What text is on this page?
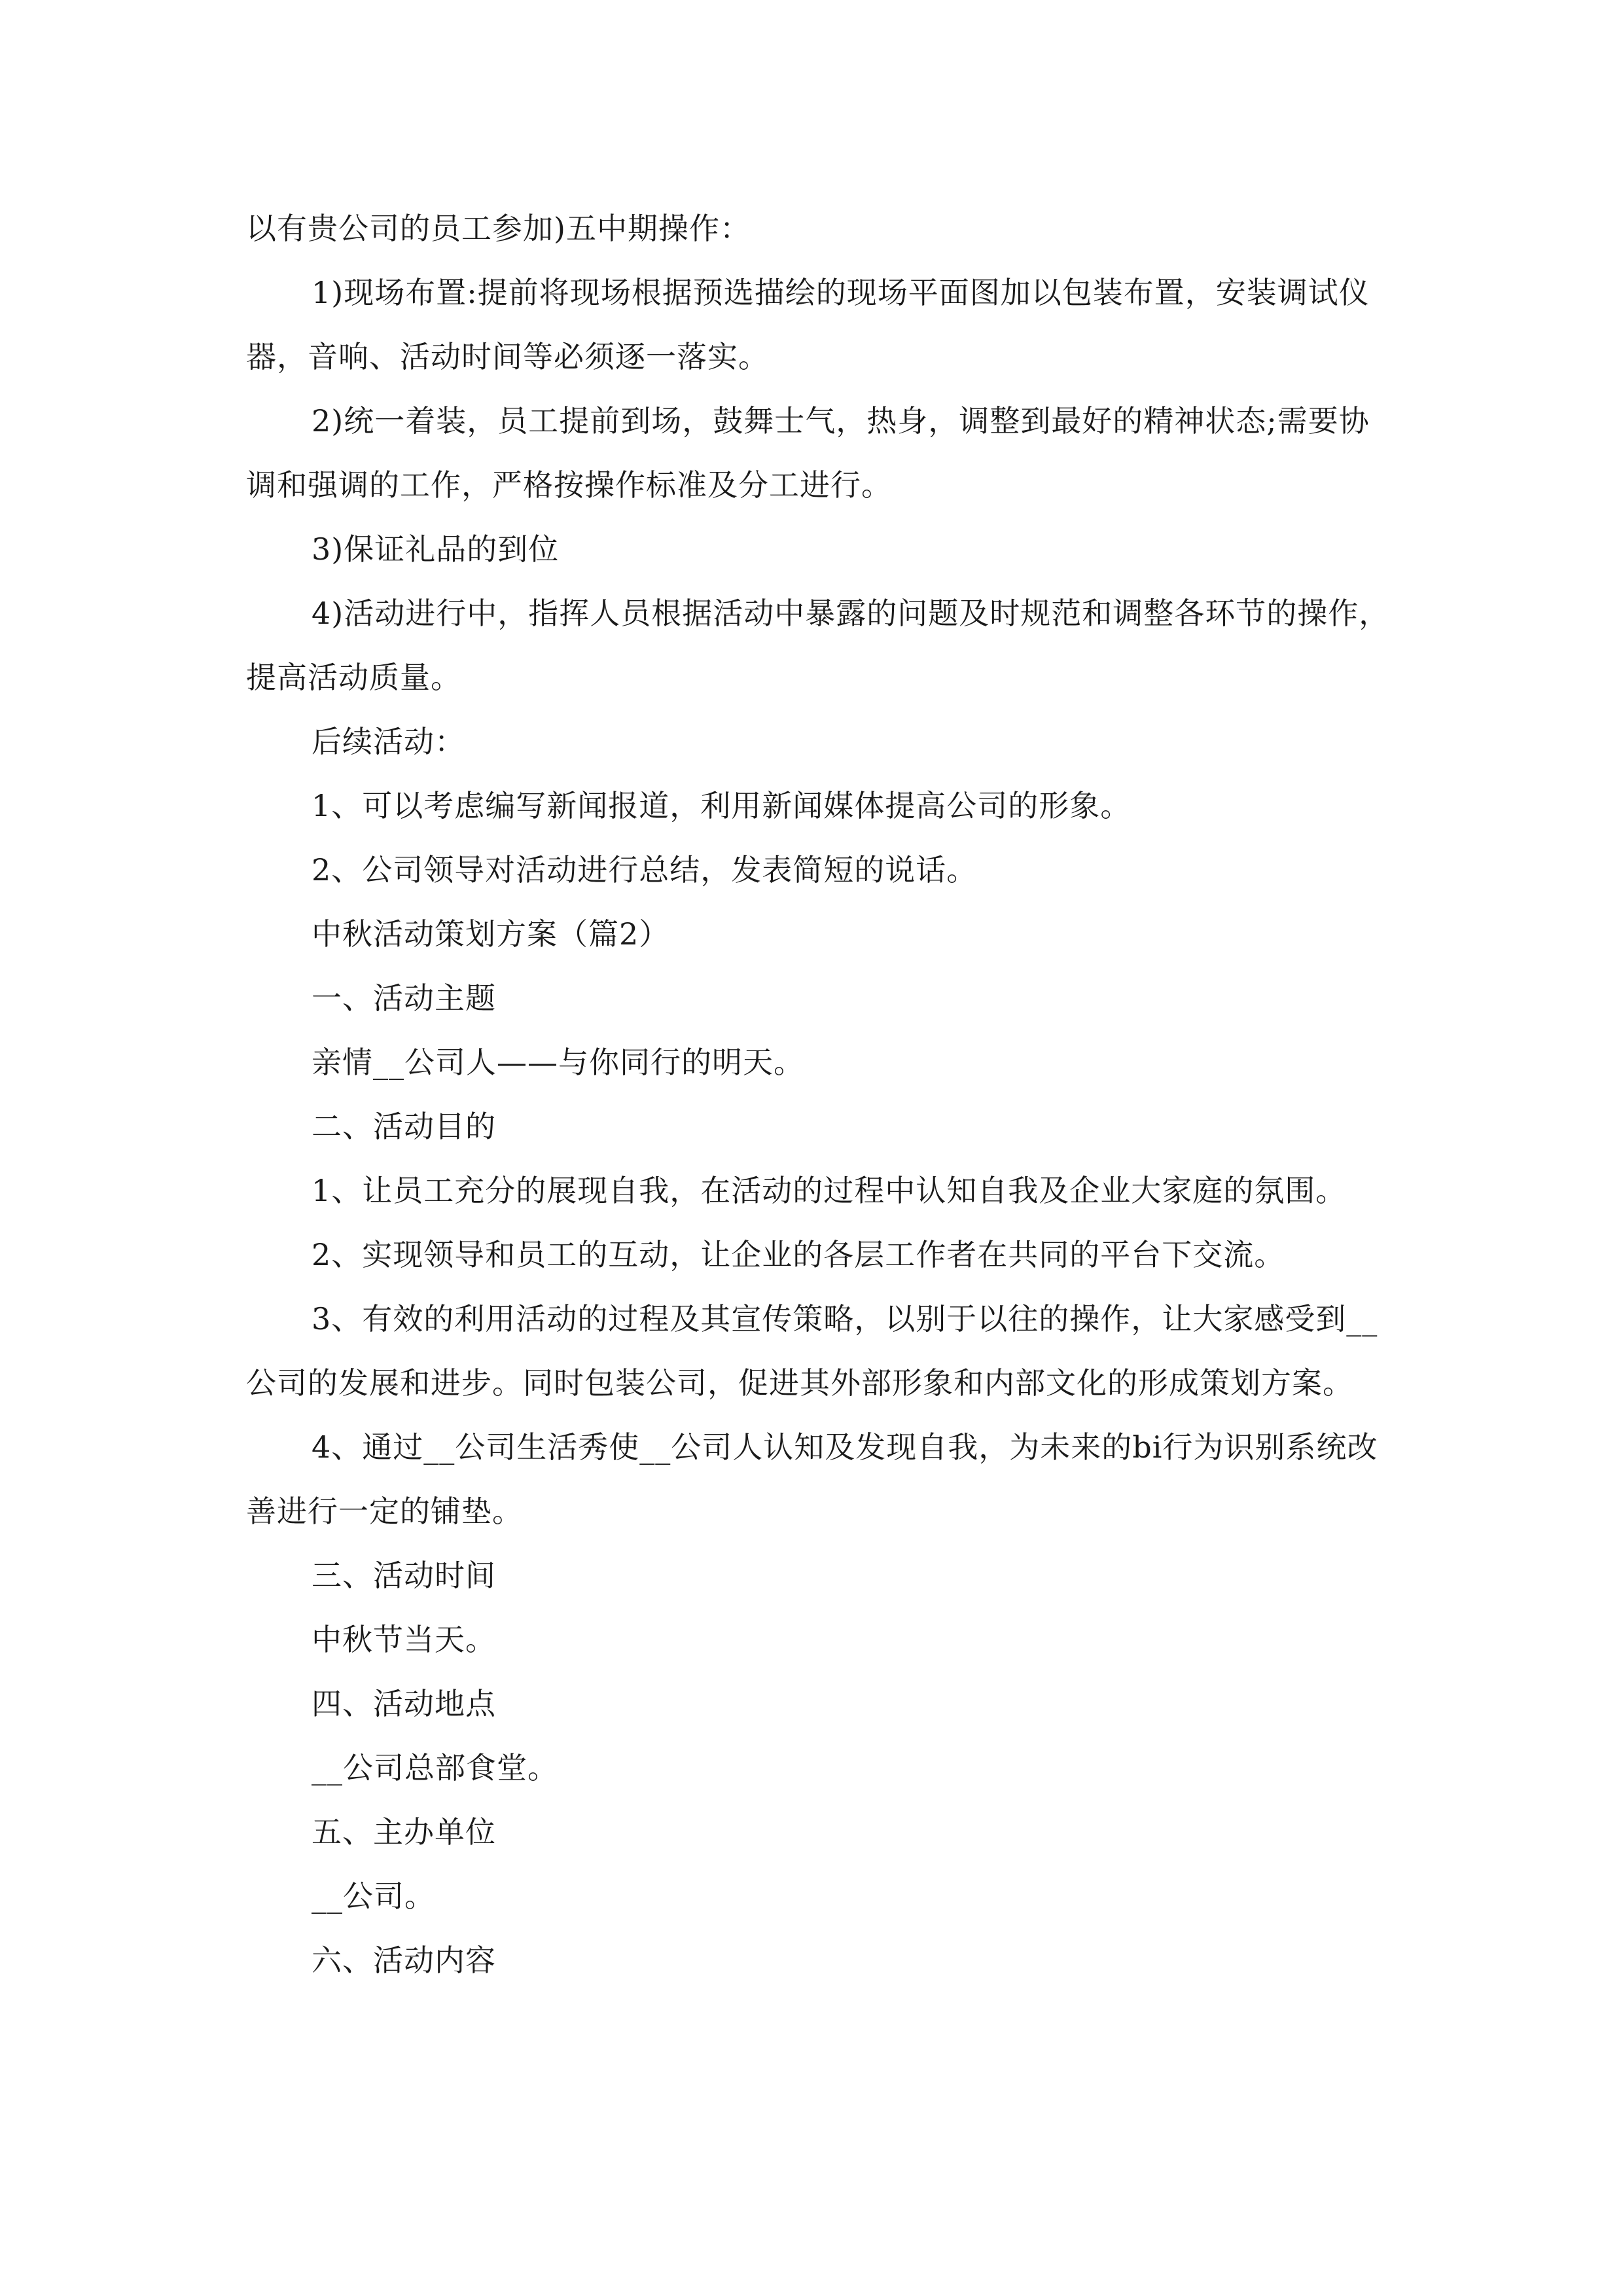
以有贵公司的员工参加)五中期操作：

1)现场布置:提前将现场根据预选描绘的现场平面图加以包装布置，安装调试仪器，音响、活动时间等必须逐一落实。

2)统一着装，员工提前到场，鼓舞士气，热身，调整到最好的精神状态;需要协调和强调的工作，严格按操作标准及分工进行。

3)保证礼品的到位

4)活动进行中，指挥人员根据活动中暴露的问题及时规范和调整各环节的操作，提高活动质量。

后续活动：

1、可以考虑编写新闻报道，利用新闻媒体提高公司的形象。

2、公司领导对活动进行总结，发表简短的说话。

中秋活动策划方案（篇2）

一、活动主题

亲情__公司人——与你同行的明天。

二、活动目的

1、让员工充分的展现自我，在活动的过程中认知自我及企业大家庭的氛围。

2、实现领导和员工的互动，让企业的各层工作者在共同的平台下交流。

3、有效的利用活动的过程及其宣传策略，以别于以往的操作，让大家感受到__公司的发展和进步。同时包装公司，促进其外部形象和内部文化的形成策划方案。

4、通过__公司生活秀使__公司人认知及发现自我，为未来的bi行为识别系统改善进行一定的铺垫。

三、活动时间

中秋节当天。

四、活动地点

__公司总部食堂。

五、主办单位

__公司。

六、活动内容
